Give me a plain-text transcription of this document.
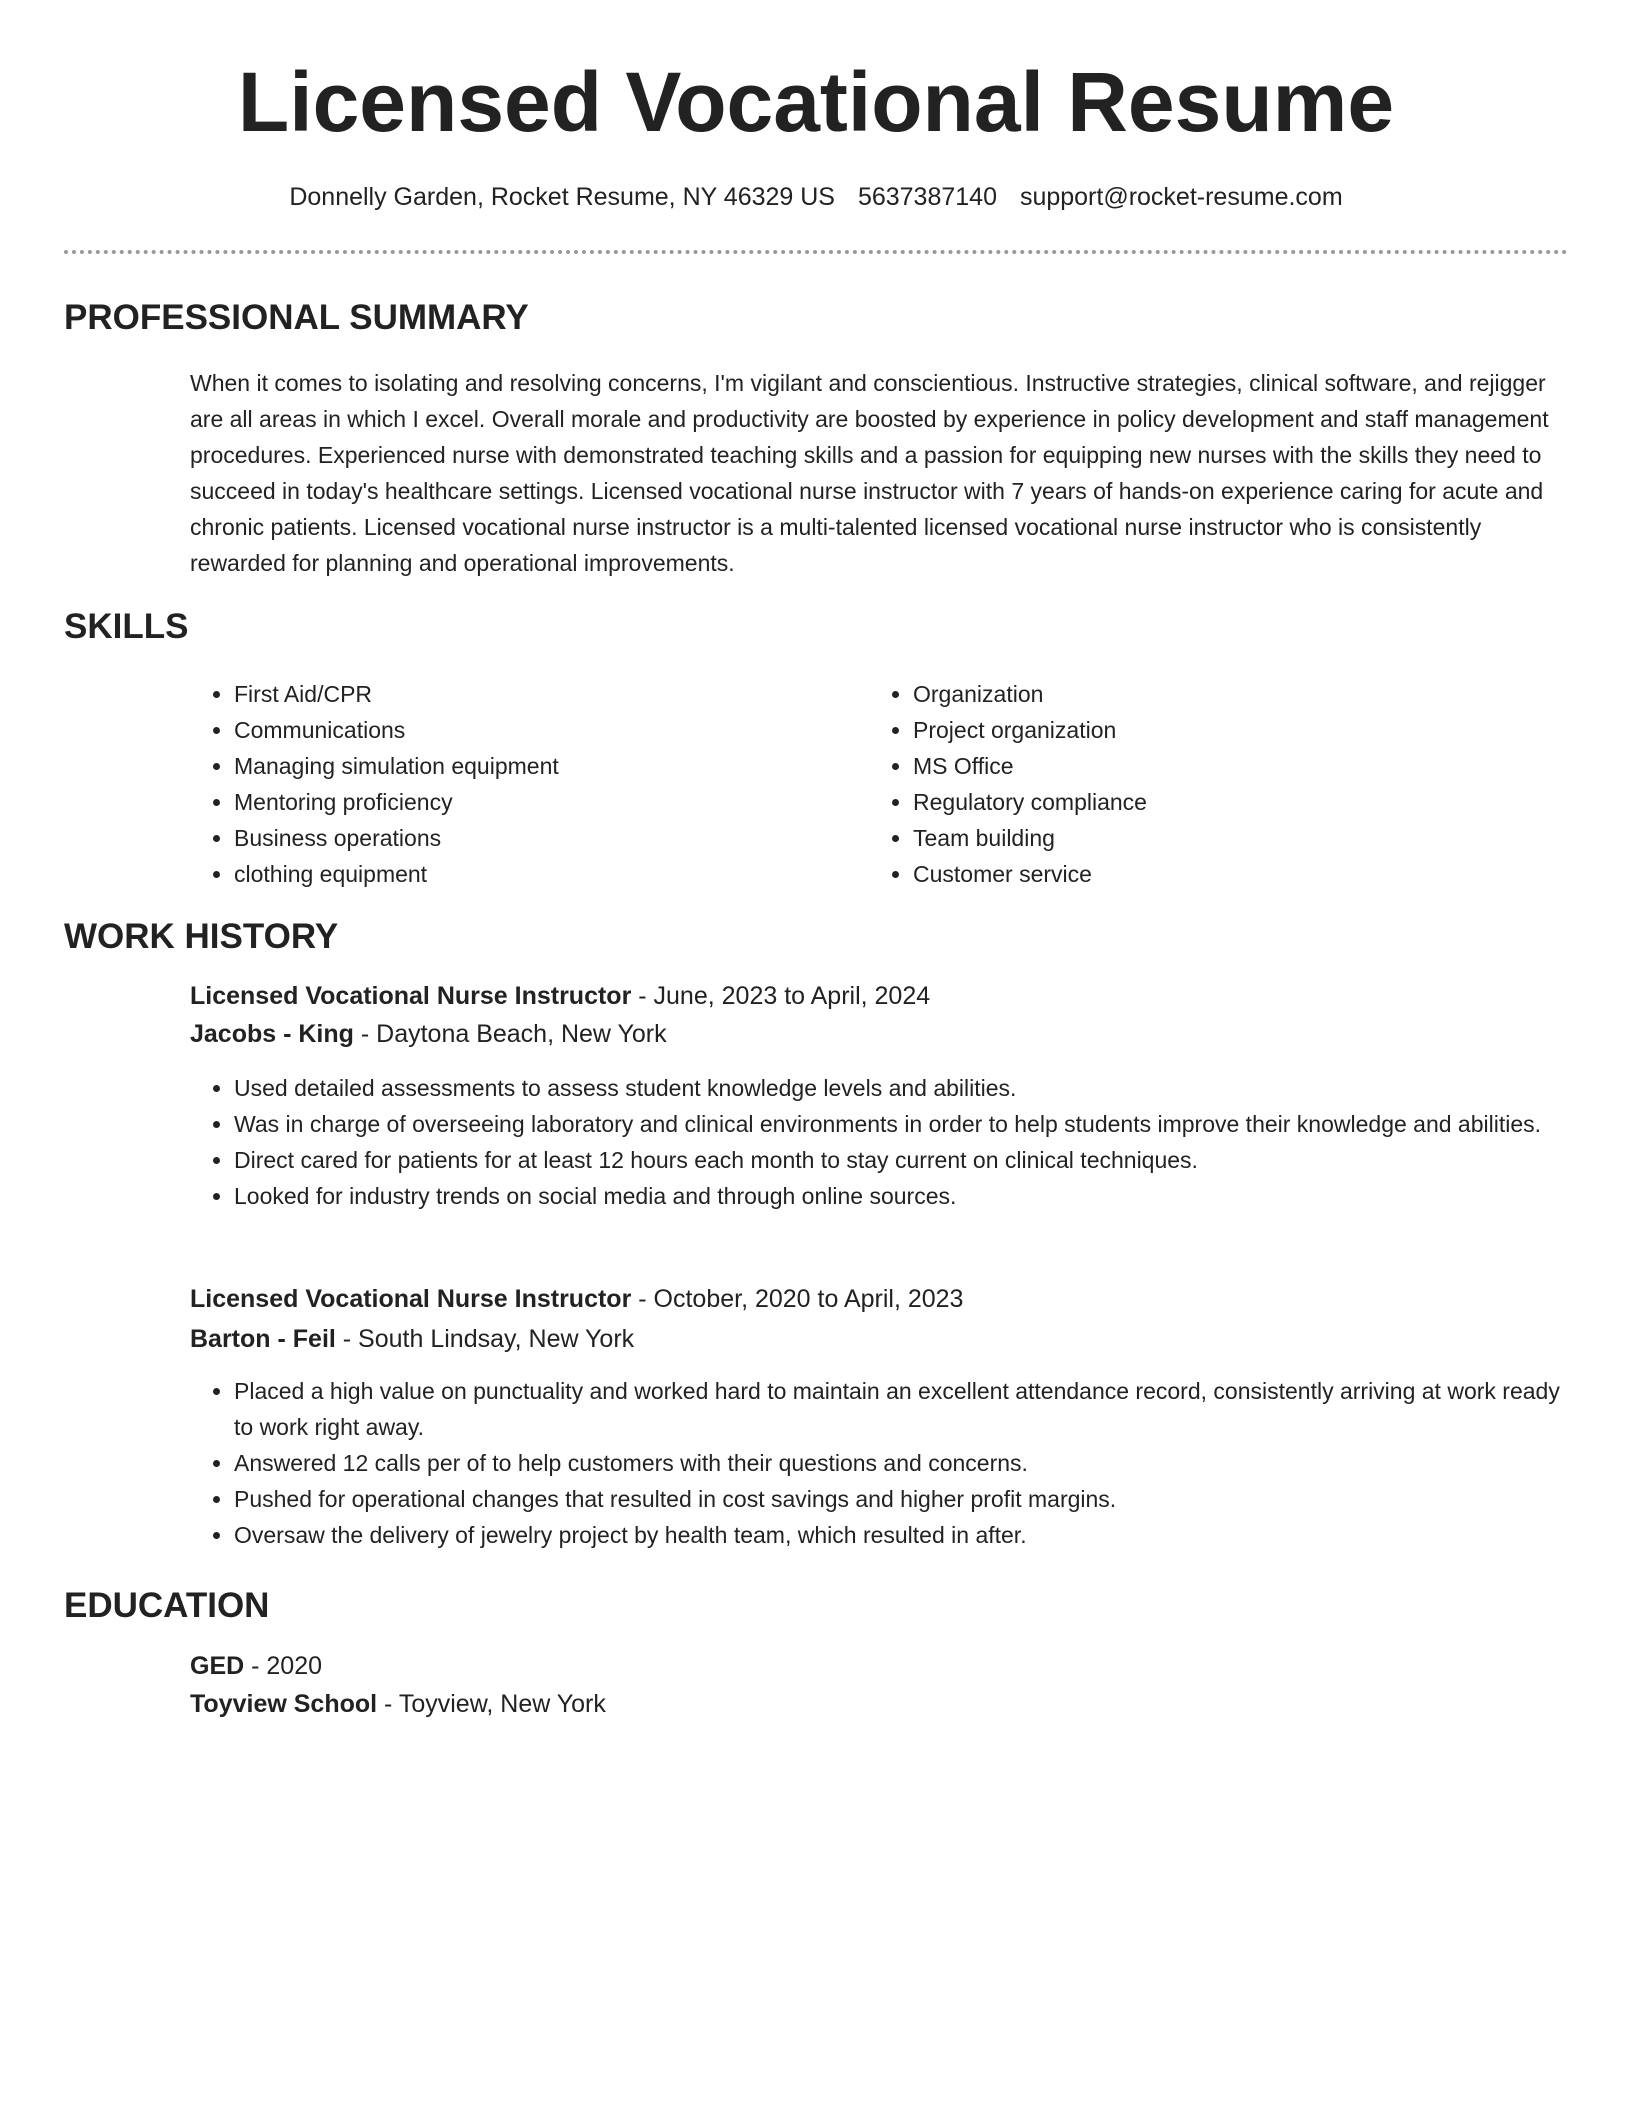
Licensed Vocational Resume
Donnelly Garden, Rocket Resume, NY 46329 US 5637387140 support@rocket-resume.com
PROFESSIONAL SUMMARY

When it comes to isolating and resolving concerns, I'm vigilant and conscientious. Instructive strategies, clinical software, and rejigger are all areas in which I excel. Overall morale and productivity are boosted by experience in policy development and staff management procedures. Experienced nurse with demonstrated teaching skills and a passion for equipping new nurses with the skills they need to succeed in today's healthcare settings. Licensed vocational nurse instructor with 7 years of hands-on experience caring for acute and chronic patients. Licensed vocational nurse instructor is a multi-talented licensed vocational nurse instructor who is consistently rewarded for planning and operational improvements.

SKILLS
• First Aid/CPR
• Communications
• Managing simulation equipment
• Mentoring proficiency
• Business operations
• clothing equipment
• Organization
• Project organization
• MS Office
• Regulatory compliance
• Team building
• Customer service
WORK HISTORY
Licensed Vocational Nurse Instructor - June, 2023 to April, 2024
Jacobs - King - Daytona Beach, New York
• Used detailed assessments to assess student knowledge levels and abilities.
• Was in charge of overseeing laboratory and clinical environments in order to help students improve their knowledge and abilities.
• Direct cared for patients for at least 12 hours each month to stay current on clinical techniques.
• Looked for industry trends on social media and through online sources.
Licensed Vocational Nurse Instructor - October, 2020 to April, 2023
Barton - Feil - South Lindsay, New York
• Placed a high value on punctuality and worked hard to maintain an excellent attendance record, consistently arriving at work ready to work right away.
• Answered 12 calls per of to help customers with their questions and concerns.
• Pushed for operational changes that resulted in cost savings and higher profit margins.
• Oversaw the delivery of jewelry project by health team, which resulted in after.
EDUCATION
GED - 2020
Toyview School - Toyview, New York
